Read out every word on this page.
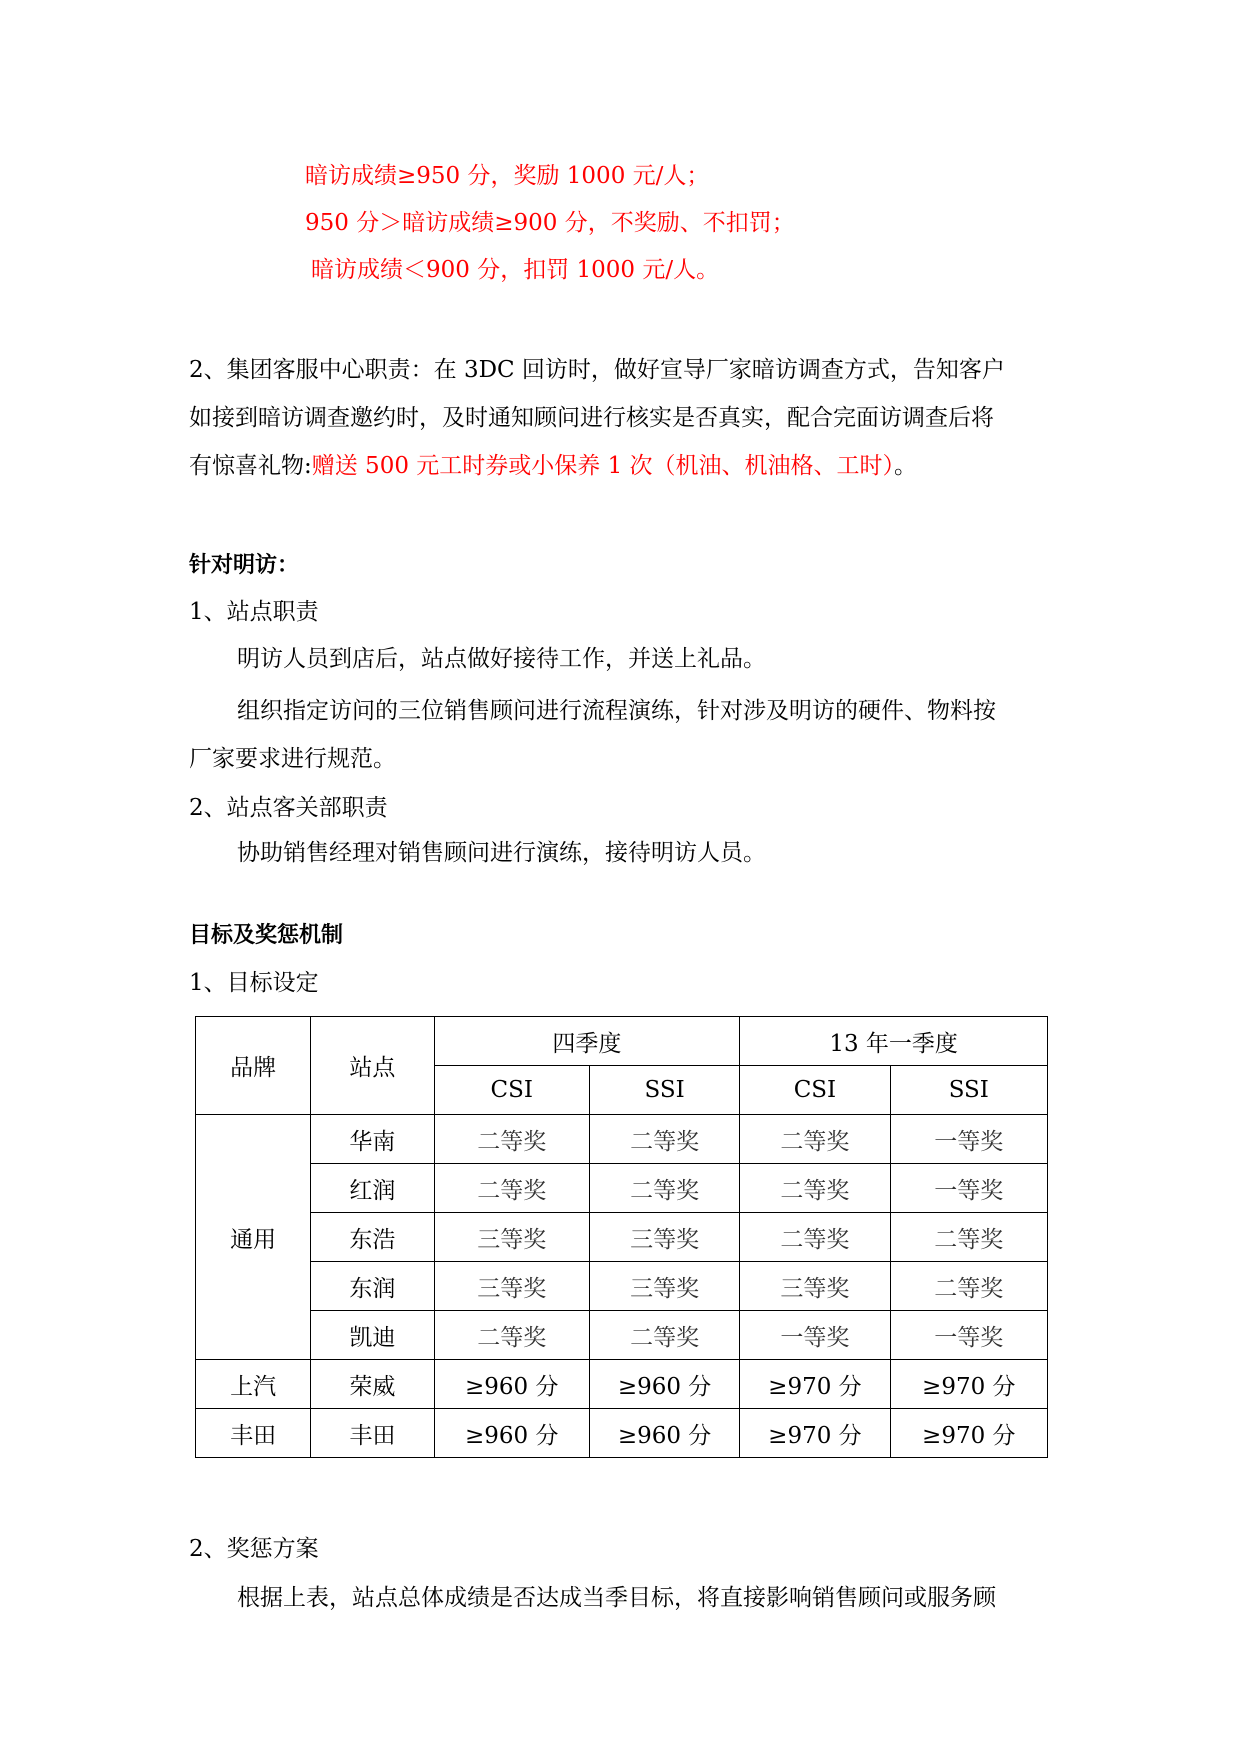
暗访成绩≥950 分，奖励 1000 元/人；
950 分＞暗访成绩≥900 分，不奖励、不扣罚；
暗访成绩＜900 分，扣罚 1000 元/人。
2、集团客服中心职责：在 3DC 回访时，做好宣导厂家暗访调查方式，告知客户
如接到暗访调查邀约时，及时通知顾问进行核实是否真实，配合完面访调查后将
有惊喜礼物:赠送 500 元工时券或小保养 1 次（机油、机油格、工时）。
针对明访：
1、站点职责
明访人员到店后，站点做好接待工作，并送上礼品。
组织指定访问的三位销售顾问进行流程演练，针对涉及明访的硬件、物料按
厂家要求进行规范。
2、站点客关部职责
协助销售经理对销售顾问进行演练，接待明访人员。
目标及奖惩机制
1、目标设定
品牌	站点	四季度		13 年一季度	
		CSI	SSI	CSI	SSI
通用	华南	二等奖	二等奖	二等奖	一等奖
	红润	二等奖	二等奖	二等奖	一等奖
	东浩	三等奖	三等奖	二等奖	二等奖
	东润	三等奖	三等奖	三等奖	二等奖
	凯迪	二等奖	二等奖	一等奖	一等奖
上汽	荣威	≥960 分	≥960 分	≥970 分	≥970 分
丰田	丰田	≥960 分	≥960 分	≥970 分	≥970 分
2、奖惩方案
根据上表，站点总体成绩是否达成当季目标，将直接影响销售顾问或服务顾
